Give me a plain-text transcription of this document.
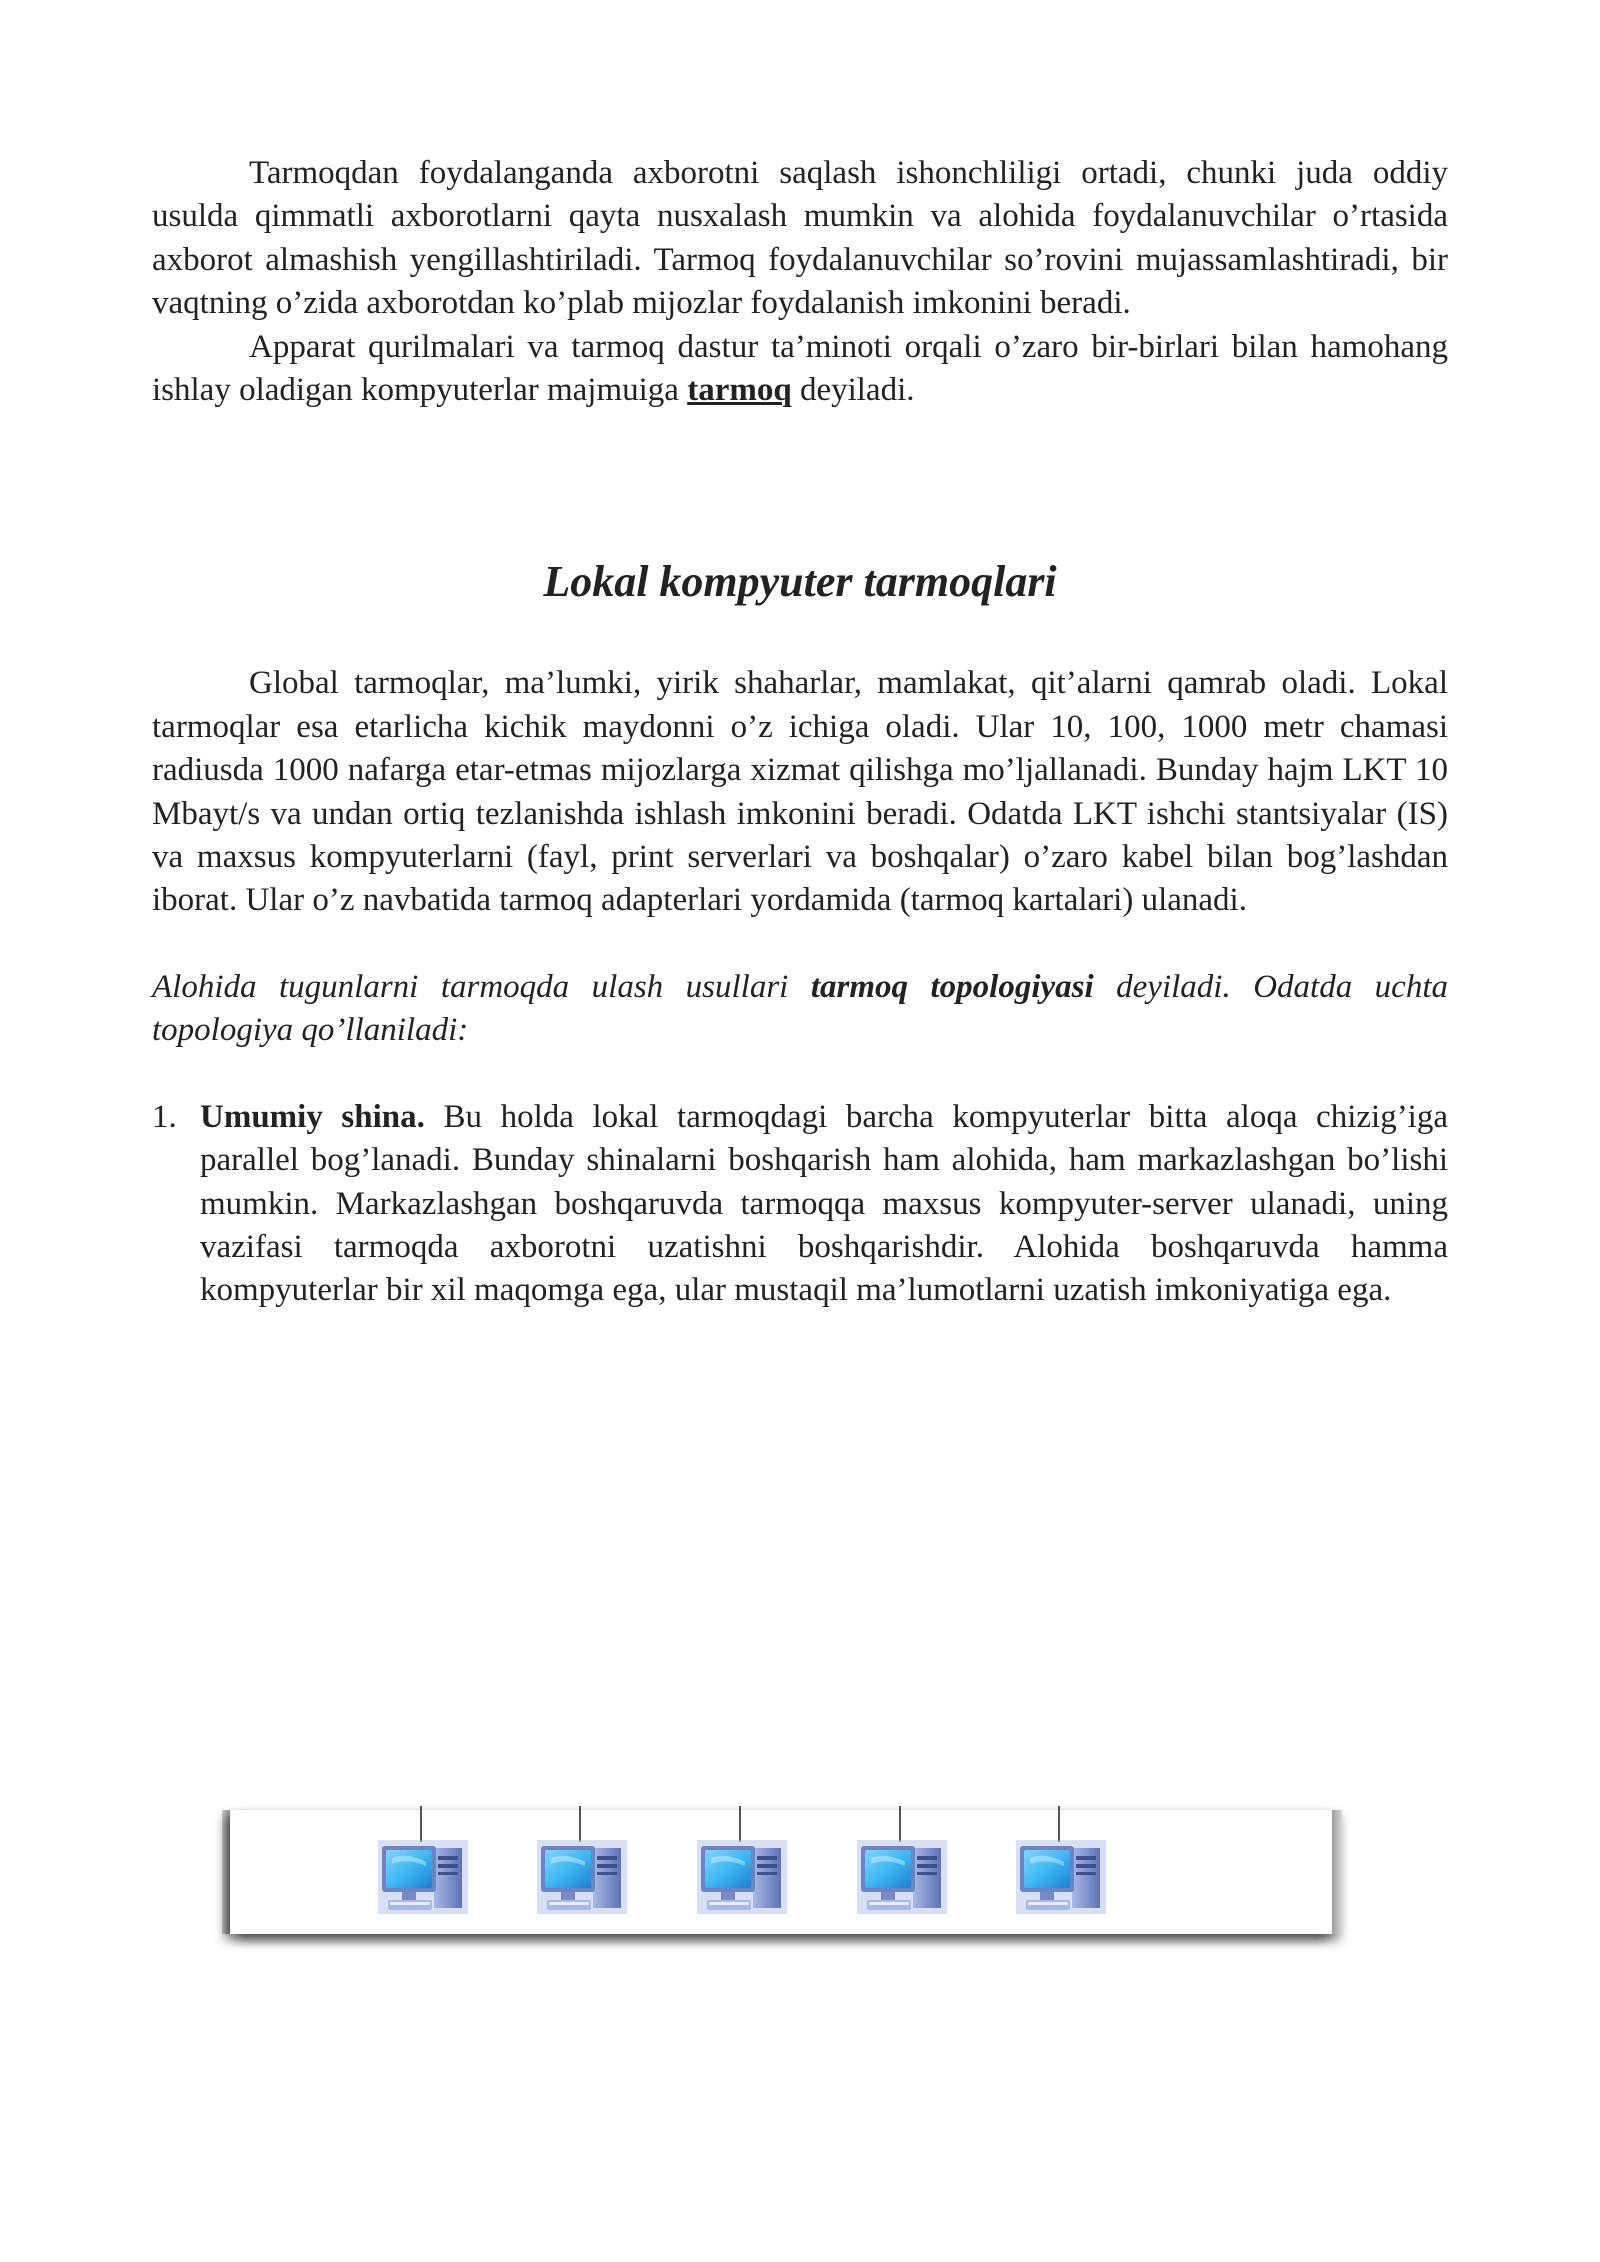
Tarmoqdan foydalanganda axborotni saqlash ishonchliligi ortadi, chunki juda oddiy usulda qimmatli axborotlarni qayta nusxalash mumkin va alohida foydalanuvchilar o’rtasida axborot almashish yengillashtiriladi. Tarmoq foydalanuvchilar so’rovini mujassamlashtiradi, bir vaqtning o’zida axborotdan ko’plab mijozlar foydalanish imkonini beradi.

Apparat qurilmalari va tarmoq dastur ta’minoti orqali o’zaro bir-birlari bilan hamohang ishlay oladigan kompyuterlar majmuiga tarmoq deyiladi.

Lokal kompyuter tarmoqlari

Global tarmoqlar, ma’lumki, yirik shaharlar, mamlakat, qit’alarni qamrab oladi. Lokal tarmoqlar esa etarlicha kichik maydonni o’z ichiga oladi. Ular 10, 100, 1000 metr chamasi radiusda 1000 nafarga etar-etmas mijozlarga xizmat qilishga mo’ljallanadi. Bunday hajm LKT 10 Mbayt/s va undan ortiq tezlanishda ishlash imkonini beradi. Odatda LKT ishchi stantsiyalar (IS) va maxsus kompyuterlarni (fayl, print serverlari va boshqalar) o’zaro kabel bilan bog’lashdan iborat. Ular o’z navbatida tarmoq adapterlari yordamida (tarmoq kartalari) ulanadi.

Alohida tugunlarni tarmoqda ulash usullari tarmoq topologiyasi deyiladi. Odatda uchta topologiya qo’llaniladi:

1. Umumiy shina. Bu holda lokal tarmoqdagi barcha kompyuterlar bitta aloqa chizig’iga parallel bog’lanadi. Bunday shinalarni boshqarish ham alohida, ham markazlashgan bo’lishi mumkin. Markazlashgan boshqaruvda tarmoqqa maxsus kompyuter-server ulanadi, uning vazifasi tarmoqda axborotni uzatishni boshqarishdir. Alohida boshqaruvda hamma kompyuterlar bir xil maqomga ega, ular mustaqil ma’lumotlarni uzatish imkoniyatiga ega.
